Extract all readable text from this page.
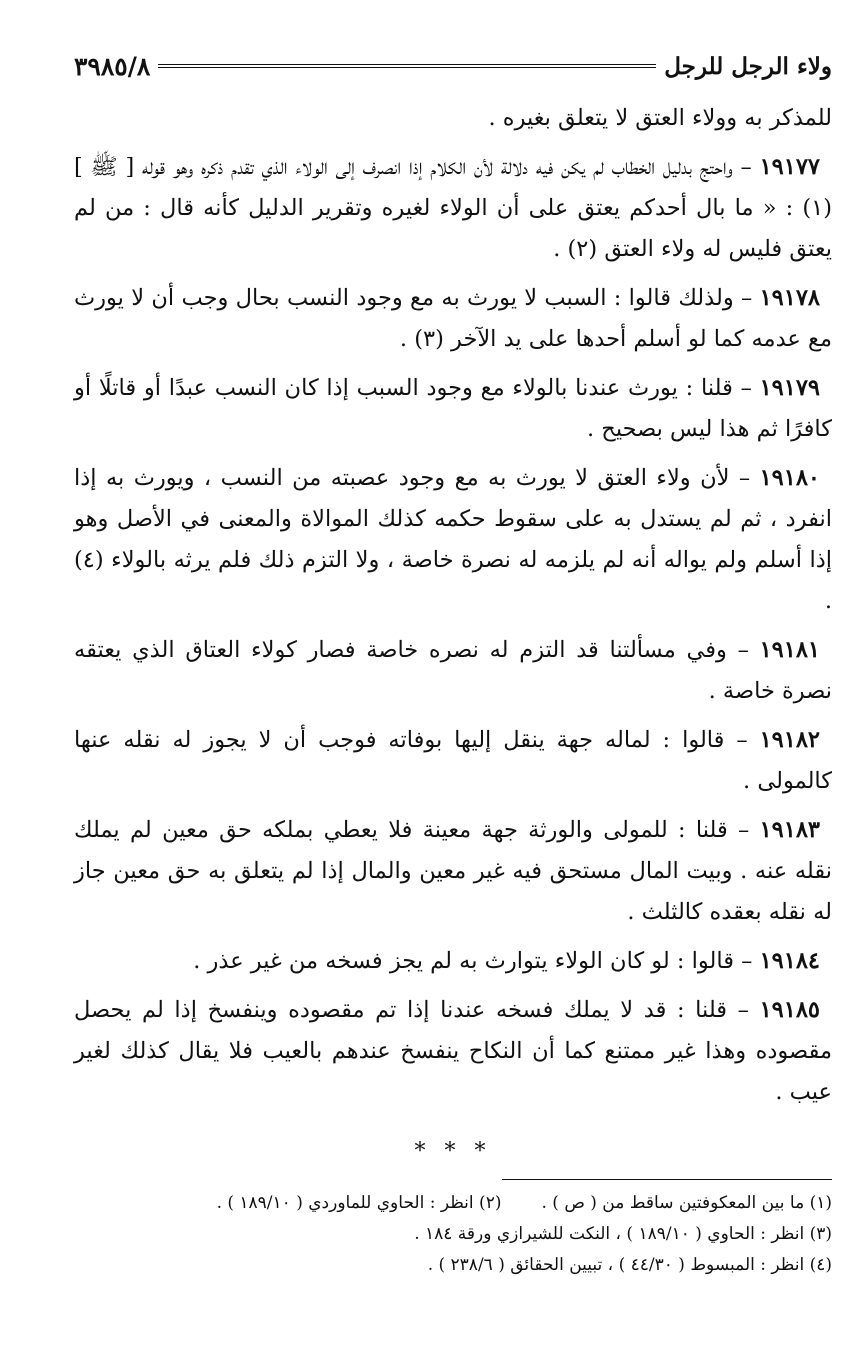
ولاء الرجل للرجل
٣٩٨٥/٨

للمذكر به وولاء العتق لا يتعلق بغيره .

١٩١٧٧ – واحتج بدليل الخطاب لم يكن فيه دلالة لأن الكلام إذا انصرف إلى الولاء الذي تقدم ذكره وهو قوله [ ﷺ ] (١) : « ما بال أحدكم يعتق على أن الولاء لغيره وتقرير الدليل كأنه قال : من لم يعتق فليس له ولاء العتق (٢) .

١٩١٧٨ – ولذلك قالوا : السبب لا يورث به مع وجود النسب بحال وجب أن لا يورث مع عدمه كما لو أسلم أحدها على يد الآخر (٣) .

١٩١٧٩ – قلنا : يورث عندنا بالولاء مع وجود السبب إذا كان النسب عبدًا أو قاتلًا أو كافرًا ثم هذا ليس بصحيح .

١٩١٨٠ – لأن ولاء العتق لا يورث به مع وجود عصبته من النسب ، ويورث به إذا انفرد ، ثم لم يستدل به على سقوط حكمه كذلك الموالاة والمعنى في الأصل وهو إذا أسلم ولم يواله أنه لم يلزمه له نصرة خاصة ، ولا التزم ذلك فلم يرثه بالولاء (٤) .

١٩١٨١ – وفي مسألتنا قد التزم له نصره خاصة فصار كولاء العتاق الذي يعتقه نصرة خاصة .

١٩١٨٢ – قالوا : لماله جهة ينقل إليها بوفاته فوجب أن لا يجوز له نقله عنها كالمولى .

١٩١٨٣ – قلنا : للمولى والورثة جهة معينة فلا يعطي بملكه حق معين لم يملك نقله عنه . وبيت المال مستحق فيه غير معين والمال إذا لم يتعلق به حق معين جاز له نقله بعقده كالثلث .

١٩١٨٤ – قالوا : لو كان الولاء يتوارث به لم يجز فسخه من غير عذر .

١٩١٨٥ – قلنا : قد لا يملك فسخه عندنا إذا تم مقصوده وينفسخ إذا لم يحصل مقصوده وهذا غير ممتنع كما أن النكاح ينفسخ عندهم بالعيب فلا يقال كذلك لغير عيب .

* * *
(١) ما بين المعكوفتين ساقط من ( ص ) .(٢) انظر : الحاوي للماوردي ( ١٨٩/١٠ ) .
(٣) انظر : الحاوي ( ١٨٩/١٠ ) ، النكت للشيرازي ورقة ١٨٤ .
(٤) انظر : المبسوط ( ٤٤/٣٠ ) ، تبيين الحقائق ( ٢٣٨/٦ ) .
